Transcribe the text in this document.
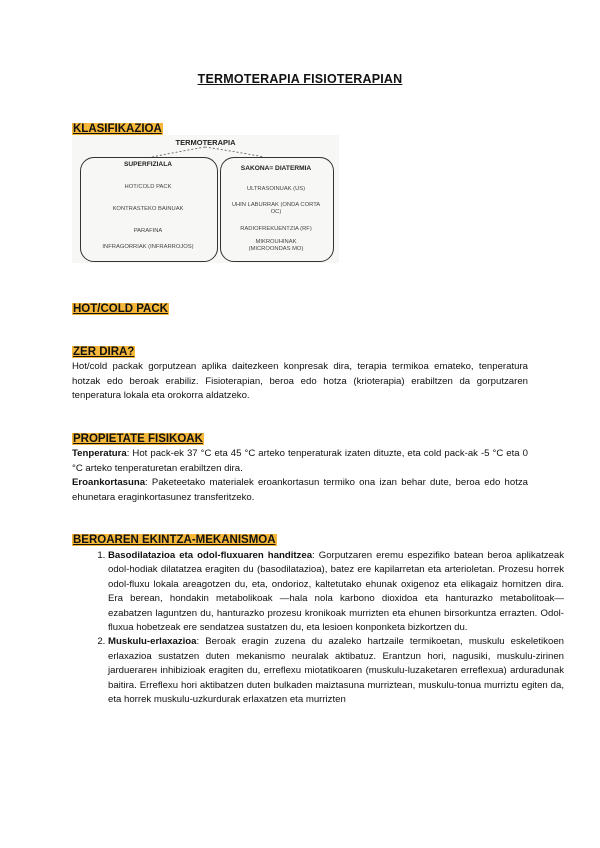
TERMOTERAPIA FISIOTERAPIAN
KLASIFIKAZIOA
TERMOTERAPIA
SUPERFIZIALA
HOT/COLD PACK
KONTRASTEKO BAINUAK
PARAFINA
INFRAGORRIAK (INFRARROJOS)
SAKONA= DIATERMIA
ULTRASOINUAK (US)
UHIN LABURRAK (ONDA CORTA OC)
RADIOFREKUENTZIA (RF)
MIKROUHINAK (MICROONDAS MO)
HOT/COLD PACK
ZER DIRA?

Hot/cold packak gorputzean aplika daitezkeen konpresak dira, terapia termikoa emateko, tenperatura hotzak edo beroak erabiliz. Fisioterapian, beroa edo hotza (krioterapia) erabiltzen da gorputzaren tenperatura lokala eta orokorra aldatzeko.

PROPIETATE FISIKOAK

Tenperatura: Hot pack-ek 37 °C eta 45 °C arteko tenperaturak izaten dituzte, eta cold pack-ak -5 °C eta 0 °C arteko tenperaturetan erabiltzen dira.

Eroankortasuna: Paketeetako materialek eroankortasun termiko ona izan behar dute, beroa edo hotza ehunetara eraginkortasunez transferitzeko.

BEROAREN EKINTZA-MEKANISMOA
1. Basodilatazioa eta odol-fluxuaren handitzea: Gorputzaren eremu espezifiko batean beroa aplikatzeak odol-hodiak dilatatzea eragiten du (basodilatazioa), batez ere kapilarretan eta arterioletan. Prozesu horrek odol-fluxu lokala areagotzen du, eta, ondorioz, kaltetutako ehunak oxigenoz eta elikagaiz hornitzen dira. Era berean, hondakin metabolikoak —hala nola karbono dioxidoa eta hanturazko metabolitoak— ezabatzen laguntzen du, hanturazko prozesu kronikoak murrizten eta ehunen birsorkuntza errazten. Odol-fluxua hobetzeak ere sendatzea sustatzen du, eta lesioen konponketa bizkortzen du.
2. Muskulu-erlaxazioa: Beroak eragin zuzena du azaleko hartzaile termikoetan, muskulu eskeletikoen erlaxazioa sustatzen duten mekanismo neuralak aktibatuz. Erantzun hori, nagusiki, muskulu-zirinen jarduerarен inhibizioak eragiten du, erreflexu miotatikoaren (muskulu-luzaketaren erreflexua) arduradunak baitira. Erreflexu hori aktibatzen duten bulkaden maiztasuna murriztean, muskulu-tonua murriztu egiten da, eta horrek muskulu-uzkurdurak erlaxatzen eta murrizten
